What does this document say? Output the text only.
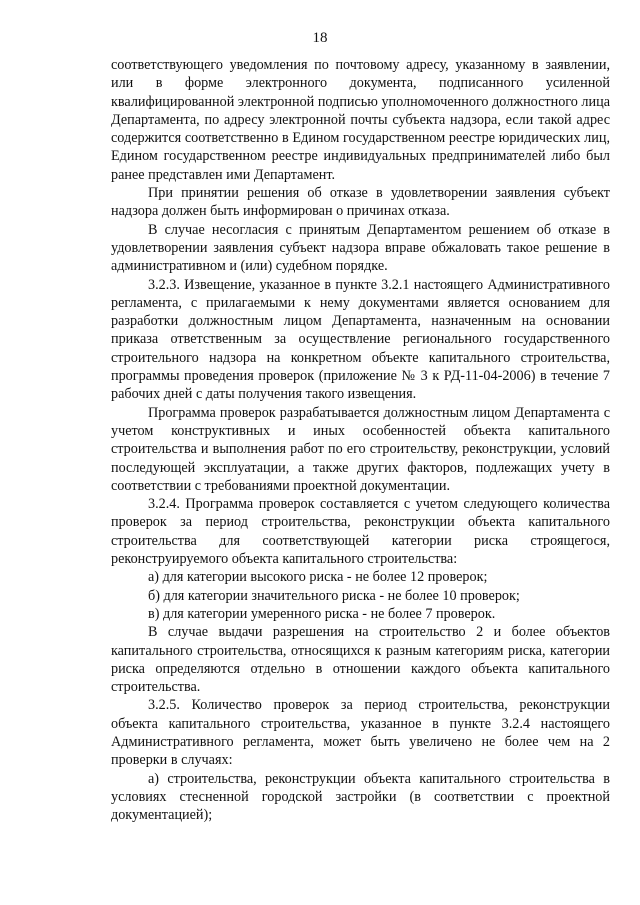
18

соответствующего уведомления по почтовому адресу, указанному в заявлении, или в форме электронного документа, подписанного усиленной квалифицированной электронной подписью уполномоченного должностного лица Департамента, по адресу электронной почты субъекта надзора, если такой адрес содержится соответственно в Едином государственном реестре юридических лиц, Едином государственном реестре индивидуальных предпринимателей либо был ранее представлен ими Департамент.

При принятии решения об отказе в удовлетворении заявления субъект надзора должен быть информирован о причинах отказа.

В случае несогласия с принятым Департаментом решением об отказе в удовлетворении заявления субъект надзора вправе обжаловать такое решение в административном и (или) судебном порядке.

3.2.3. Извещение, указанное в пункте 3.2.1 настоящего Административного регламента, с прилагаемыми к нему документами является основанием для разработки должностным лицом Департамента, назначенным на основании приказа ответственным за осуществление регионального государственного строительного надзора на конкретном объекте капитального строительства, программы проведения проверок (приложение № 3 к РД-11-04-2006) в течение 7 рабочих дней с даты получения такого извещения.

Программа проверок разрабатывается должностным лицом Департамента с учетом конструктивных и иных особенностей объекта капитального строительства и выполнения работ по его строительству, реконструкции, условий последующей эксплуатации, а также других факторов, подлежащих учету в соответствии с требованиями проектной документации.

3.2.4. Программа проверок составляется с учетом следующего количества проверок за период строительства, реконструкции объекта капитального строительства для соответствующей категории риска строящегося, реконструируемого объекта капитального строительства:

а) для категории высокого риска - не более 12 проверок;

б) для категории значительного риска - не более 10 проверок;

в) для категории умеренного риска - не более 7 проверок.

В случае выдачи разрешения на строительство 2 и более объектов капитального строительства, относящихся к разным категориям риска, категории риска определяются отдельно в отношении каждого объекта капитального строительства.

3.2.5. Количество проверок за период строительства, реконструкции объекта капитального строительства, указанное в пункте 3.2.4 настоящего Административного регламента, может быть увеличено не более чем на 2 проверки в случаях:

а) строительства, реконструкции объекта капитального строительства в условиях стесненной городской застройки (в соответствии с проектной документацией);
